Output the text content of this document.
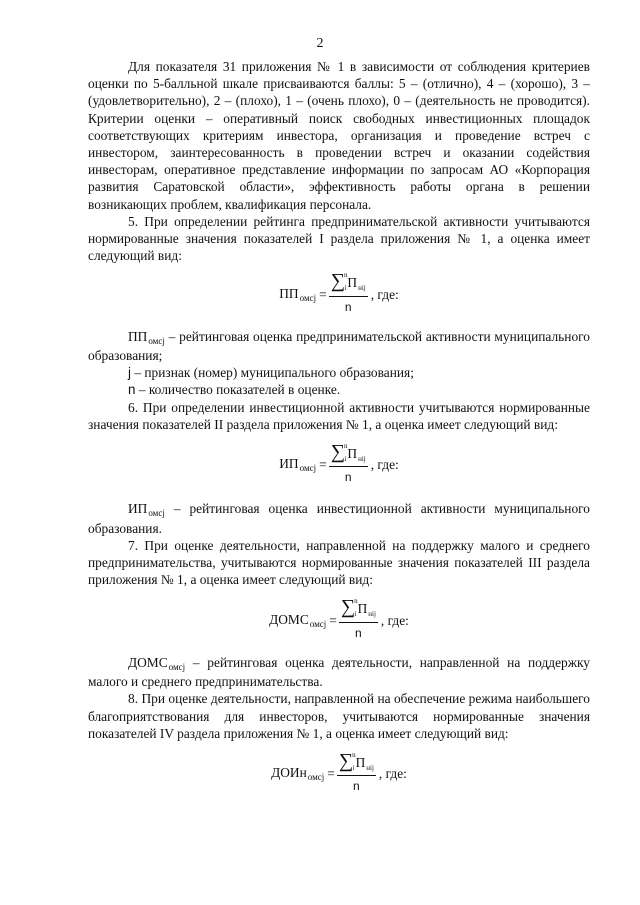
2

Для показателя 31 приложения № 1 в зависимости от соблюдения критериев оценки по 5-балльной шкале присваиваются баллы: 5 – (отлично), 4 – (хорошо), 3 – (удовлетворительно), 2 – (плохо), 1 – (очень плохо), 0 – (деятельность не проводится). Критерии оценки – оперативный поиск свободных инвестиционных площадок соответствующих критериям инвестора, организация и проведение встреч с инвестором, заинтересованность в проведении встреч и оказании содействия инвесторам, оперативное представление информации по запросам АО «Корпорация развития Саратовской области», эффективность работы органа в решении возникающих проблем, квалификация персонала.

5. При определении рейтинга предпринимательской активности учитываются нормированные значения показателей I раздела приложения № 1, а оценка имеет следующий вид:

ПП омсj = ∑ n
i П нij
n , где:

$ПП_{омсj}$ – рейтинговая оценка предпринимательской активности муниципального образования;

j – признак (номер) муниципального образования;

n – количество показателей в оценке.

6. При определении инвестиционной активности учитываются нормированные значения показателей II раздела приложения № 1, а оценка имеет следующий вид:

ИП омсj = ∑ n
i П нij
n , где:

$ИП_{омсj}$ – рейтинговая оценка инвестиционной активности муниципального образования.

7. При оценке деятельности, направленной на поддержку малого и среднего предпринимательства, учитываются нормированные значения показателей III раздела приложения № 1, а оценка имеет следующий вид:

ДОМС омсj = ∑ n
i П нij
n , где:

$ДОМС_{омсj}$ – рейтинговая оценка деятельности, направленной на поддержку малого и среднего предпринимательства.

8. При оценке деятельности, направленной на обеспечение режима наибольшего благоприятствования для инвесторов, учитываются нормированные значения показателей IV раздела приложения № 1, а оценка имеет следующий вид:

ДОИн омсj = ∑ n
i П нij
n , где:
